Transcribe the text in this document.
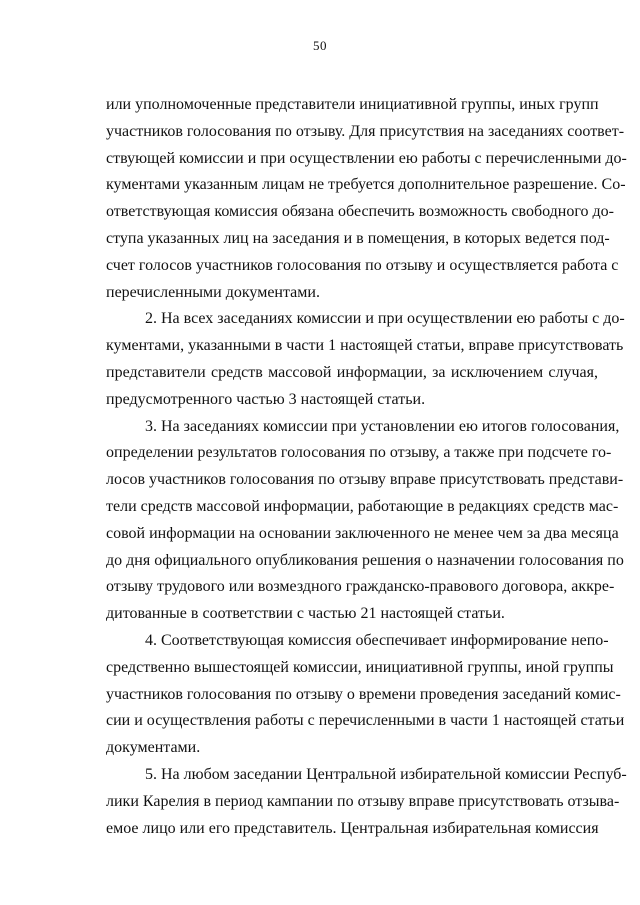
50
или уполномоченные представители инициативной группы, иных групп
участников голосования по отзыву. Для присутствия на заседаниях соответ-
ствующей комиссии и при осуществлении ею работы с перечисленными до-
кументами указанным лицам не требуется дополнительное разрешение. Со-
ответствующая комиссия обязана обеспечить возможность свободного до-
ступа указанных лиц на заседания и в помещения, в которых ведется под-
счет голосов участников голосования по отзыву и осуществляется работа с
перечисленными документами.
2. На всех заседаниях комиссии и при осуществлении ею работы с до-
кументами, указанными в части 1 настоящей статьи, вправе присутствовать
представители средств массовой информации, за исключением случая,
предусмотренного частью 3 настоящей статьи.
3. На заседаниях комиссии при установлении ею итогов голосования,
определении результатов голосования по отзыву, а также при подсчете го-
лосов участников голосования по отзыву вправе присутствовать представи-
тели средств массовой информации, работающие в редакциях средств мас-
совой информации на основании заключенного не менее чем за два месяца
до дня официального опубликования решения о назначении голосования по
отзыву трудового или возмездного гражданско-правового договора, аккре-
дитованные в соответствии с частью 21 настоящей статьи.
4. Соответствующая комиссия обеспечивает информирование непо-
средственно вышестоящей комиссии, инициативной группы, иной группы
участников голосования по отзыву о времени проведения заседаний комис-
сии и осуществления работы с перечисленными в части 1 настоящей статьи
документами.
5. На любом заседании Центральной избирательной комиссии Респуб-
лики Карелия в период кампании по отзыву вправе присутствовать отзыва-
емое лицо или его представитель. Центральная избирательная комиссия
